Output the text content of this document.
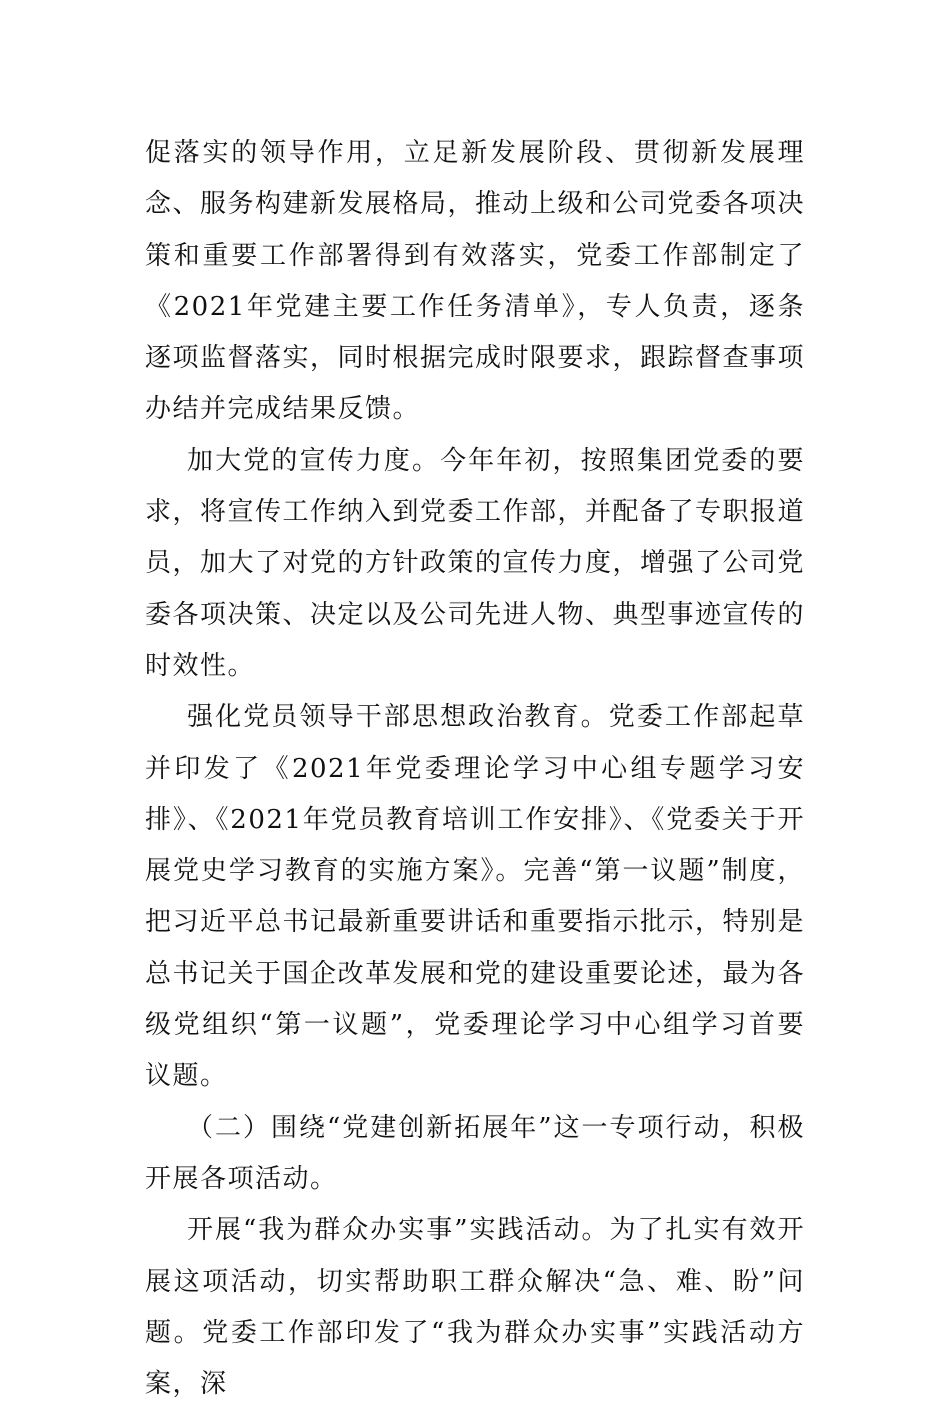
促落实的领导作用，立足新发展阶段、贯彻新发展理念、服务构建新发展格局，推动上级和公司党委各项决策和重要工作部署得到有效落实，党委工作部制定了《2021年党建主要工作任务清单》，专人负责，逐条逐项监督落实，同时根据完成时限要求，跟踪督查事项办结并完成结果反馈。

加大党的宣传力度。今年年初，按照集团党委的要求，将宣传工作纳入到党委工作部，并配备了专职报道员，加大了对党的方针政策的宣传力度，增强了公司党委各项决策、决定以及公司先进人物、典型事迹宣传的时效性。

强化党员领导干部思想政治教育。党委工作部起草并印发了《2021年党委理论学习中心组专题学习安排》、《2021年党员教育培训工作安排》、《党委关于开展党史学习教育的实施方案》。完善“第一议题”制度，把习近平总书记最新重要讲话和重要指示批示，特别是总书记关于国企改革发展和党的建设重要论述，最为各级党组织“第一议题”，党委理论学习中心组学习首要议题。

（二）围绕“党建创新拓展年”这一专项行动，积极开展各项活动。

开展“我为群众办实事”实践活动。为了扎实有效开展这项活动，切实帮助职工群众解决“急、难、盼”问题。党委工作部印发了“我为群众办实事”实践活动方案，深
